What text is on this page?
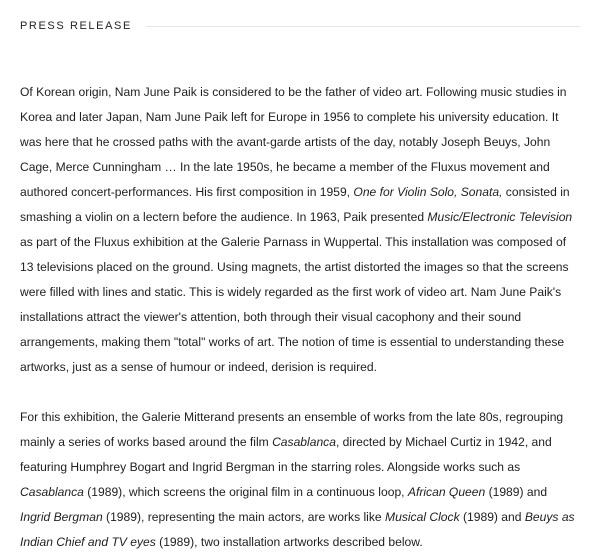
PRESS RELEASE

Of Korean origin, Nam June Paik is considered to be the father of video art. Following music studies in Korea and later Japan, Nam June Paik left for Europe in 1956 to complete his university education. It was here that he crossed paths with the avant-garde artists of the day, notably Joseph Beuys, John Cage, Merce Cunningham … In the late 1950s, he became a member of the Fluxus movement and authored concert-performances. His first composition in 1959, One for Violin Solo, Sonata, consisted in smashing a violin on a lectern before the audience. In 1963, Paik presented Music/Electronic Television as part of the Fluxus exhibition at the Galerie Parnass in Wuppertal. This installation was composed of 13 televisions placed on the ground. Using magnets, the artist distorted the images so that the screens were filled with lines and static. This is widely regarded as the first work of video art. Nam June Paik's installations attract the viewer's attention, both through their visual cacophony and their sound arrangements, making them "total" works of art. The notion of time is essential to understanding these artworks, just as a sense of humour or indeed, derision is required.

For this exhibition, the Galerie Mitterand presents an ensemble of works from the late 80s, regrouping mainly a series of works based around the film Casablanca, directed by Michael Curtiz in 1942, and featuring Humphrey Bogart and Ingrid Bergman in the starring roles. Alongside works such as Casablanca (1989), which screens the original film in a continuous loop, African Queen (1989) and Ingrid Bergman (1989), representing the main actors, are works like Musical Clock (1989) and Beuys as Indian Chief and TV eyes (1989), two installation artworks described below.
